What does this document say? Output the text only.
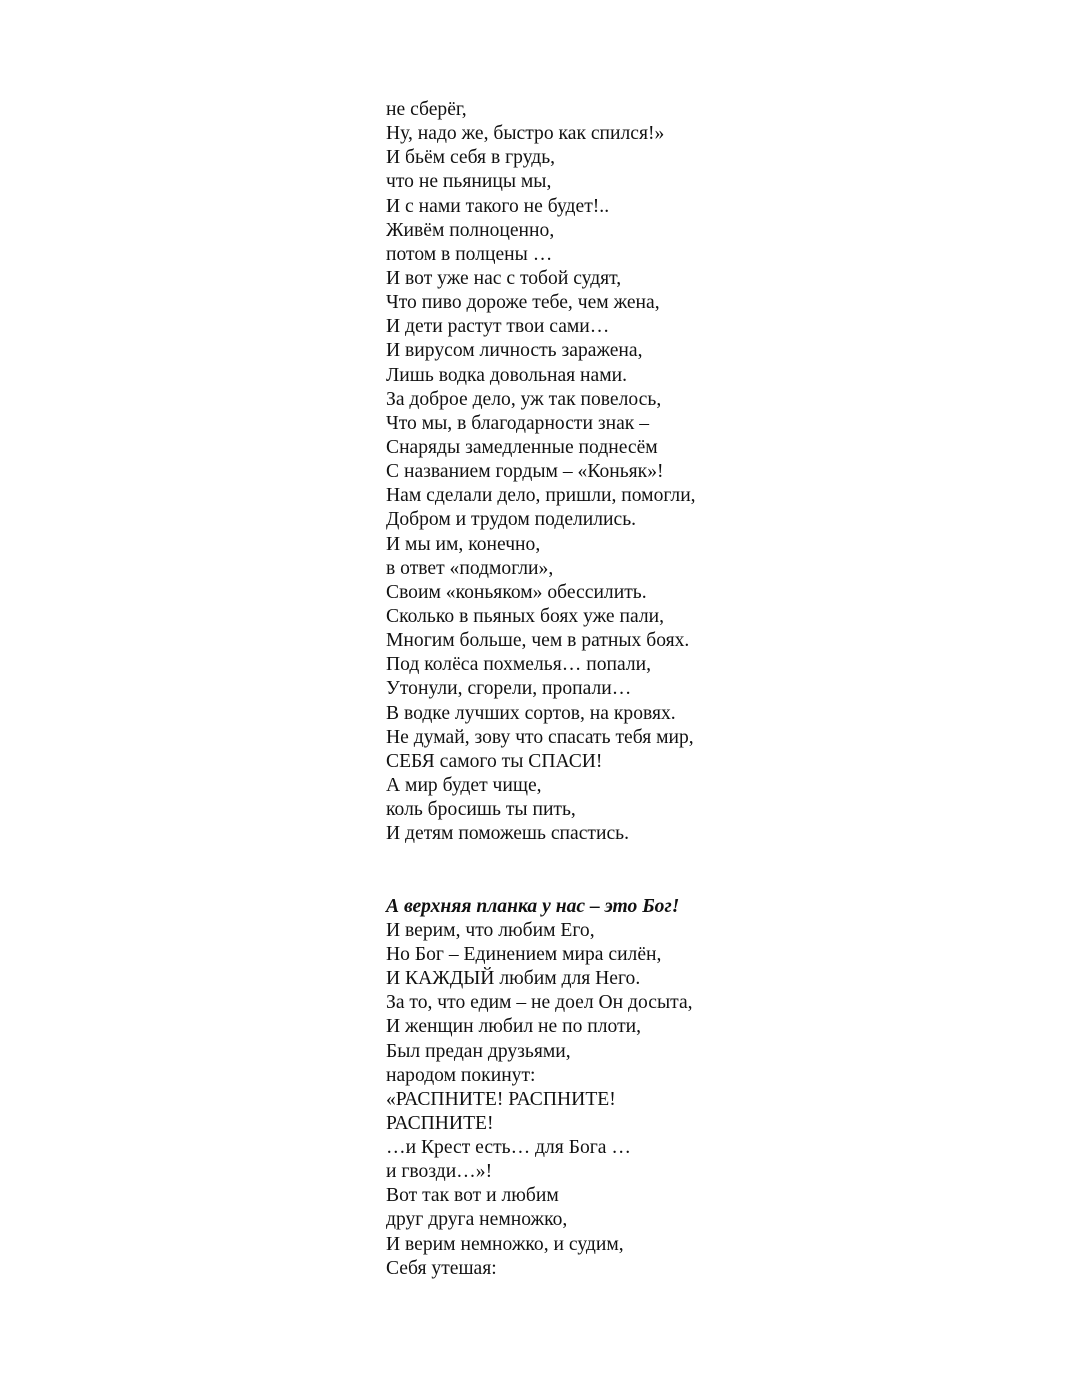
не сберёг,
Ну, надо же, быстро как спился!»
И бьём себя в грудь,
что не пьяницы мы,
И с нами такого не будет!..
Живём полноценно,
потом в полцены …
И вот уже нас с тобой судят,
Что пиво дороже тебе, чем жена,
И дети растут твои сами…
И вирусом личность заражена,
Лишь водка довольная нами.
За доброе дело, уж так повелось,
Что мы, в благодарности знак –
Снаряды замедленные поднесём
С названием гордым – «Коньяк»!
Нам сделали дело, пришли, помогли,
Добром и трудом поделились.
И мы им, конечно,
в ответ «подмогли»,
Своим «коньяком» обессилить.
Сколько в пьяных боях уже пали,
Многим больше, чем в ратных боях.
Под колёса похмелья… попали,
Утонули, сгорели, пропали…
В водке лучших сортов, на кровях.
Не думай, зову что спасать тебя мир,
СЕБЯ самого ты СПАСИ!
А мир будет чище,
коль бросишь ты пить,
И детям поможешь спастись.
А верхняя планка у нас – это Бог!
И верим, что любим Его,
Но Бог – Единением мира силён,
И КАЖДЫЙ любим для Него.
За то, что едим – не доел Он досыта,
И женщин любил не по плоти,
Был предан друзьями,
народом покинут:
«РАСПНИТЕ! РАСПНИТЕ!
РАСПНИТЕ!
…и Крест есть… для Бога …
и гвозди…»!
Вот так вот и любим
друг друга немножко,
И верим немножко, и судим,
Себя утешая:
